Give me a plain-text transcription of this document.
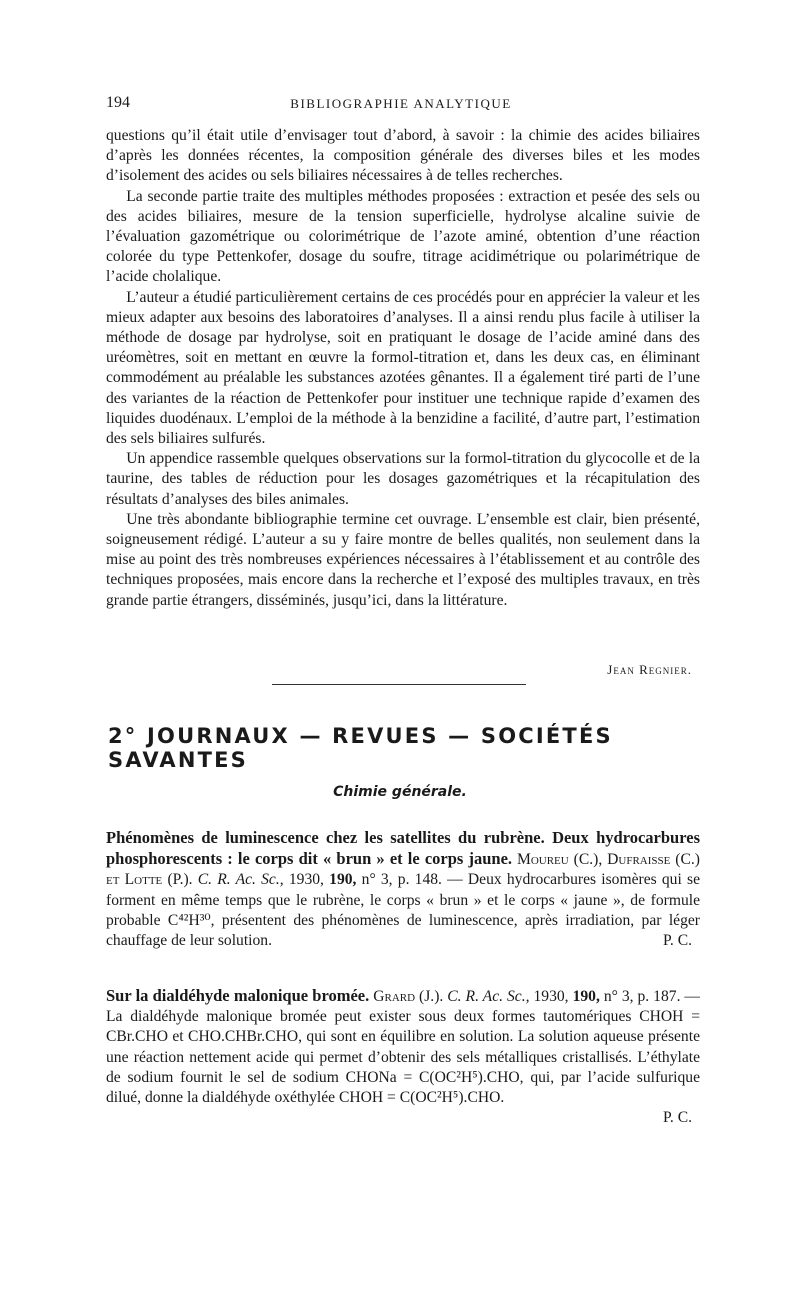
194	BIBLIOGRAPHIE ANALYTIQUE

questions qu’il était utile d’envisager tout d’abord, à savoir : la chimie des acides biliaires d’après les données récentes, la composition générale des diverses biles et les modes d’isolement des acides ou sels biliaires nécessaires à de telles recherches.

La seconde partie traite des multiples méthodes proposées : extraction et pesée des sels ou des acides biliaires, mesure de la tension superficielle, hydrolyse alcaline suivie de l’évaluation gazométrique ou colorimétrique de l’azote aminé, obtention d’une réaction colorée du type Pettenkofer, dosage du soufre, titrage acidimétrique ou polarimétrique de l’acide cholalique.

L’auteur a étudié particulièrement certains de ces procédés pour en apprécier la valeur et les mieux adapter aux besoins des laboratoires d’analyses. Il a ainsi rendu plus facile à utiliser la méthode de dosage par hydrolyse, soit en pratiquant le dosage de l’acide aminé dans des uréomètres, soit en mettant en œuvre la formol-titration et, dans les deux cas, en éliminant commodément au préalable les substances azotées gênantes. Il a également tiré parti de l’une des variantes de la réaction de Pettenkofer pour instituer une technique rapide d’examen des liquides duodénaux. L’emploi de la méthode à la benzidine a facilité, d’autre part, l’estimation des sels biliaires sulfurés.

Un appendice rassemble quelques observations sur la formol-titration du glycocolle et de la taurine, des tables de réduction pour les dosages gazométriques et la récapitulation des résultats d’analyses des biles animales.

Une très abondante bibliographie termine cet ouvrage. L’ensemble est clair, bien présenté, soigneusement rédigé. L’auteur a su y faire montre de belles qualités, non seulement dans la mise au point des très nombreuses expériences nécessaires à l’établissement et au contrôle des techniques proposées, mais encore dans la recherche et l’exposé des multiples travaux, en très grande partie étrangers, disséminés, jusqu’ici, dans la littérature.

Jean Regnier.
2° JOURNAUX — REVUES — SOCIÉTÉS SAVANTES
Chimie générale.

Phénomènes de luminescence chez les satellites du rubrène. Deux hydrocarbures phosphorescents : le corps dit « brun » et le corps jaune. Moureu (C.), Dufraisse (C.) et Lotte (P.). C. R. Ac. Sc., 1930, 190, n° 3, p. 148. — Deux hydrocarbures isomères qui se forment en même temps que le rubrène, le corps « brun » et le corps « jaune », de formule probable C⁴²H³⁰, présentent des phénomènes de luminescence, après irradiation, par léger chauffage de leur solution.	P. C.

Sur la dialdéhyde malonique bromée. Grard (J.). C. R. Ac. Sc., 1930, 190, n° 3, p. 187. — La dialdéhyde malonique bromée peut exister sous deux formes tautomériques CHOH = CBr.CHO et CHO.CHBr.CHO, qui sont en équilibre en solution. La solution aqueuse présente une réaction nettement acide qui permet d’obtenir des sels métalliques cristallisés. L’éthylate de sodium fournit le sel de sodium CHONa = C(OC²H⁵).CHO, qui, par l’acide sulfurique dilué, donne la dialdéhyde oxéthylée CHOH = C(OC²H⁵).CHO.

P. C.
